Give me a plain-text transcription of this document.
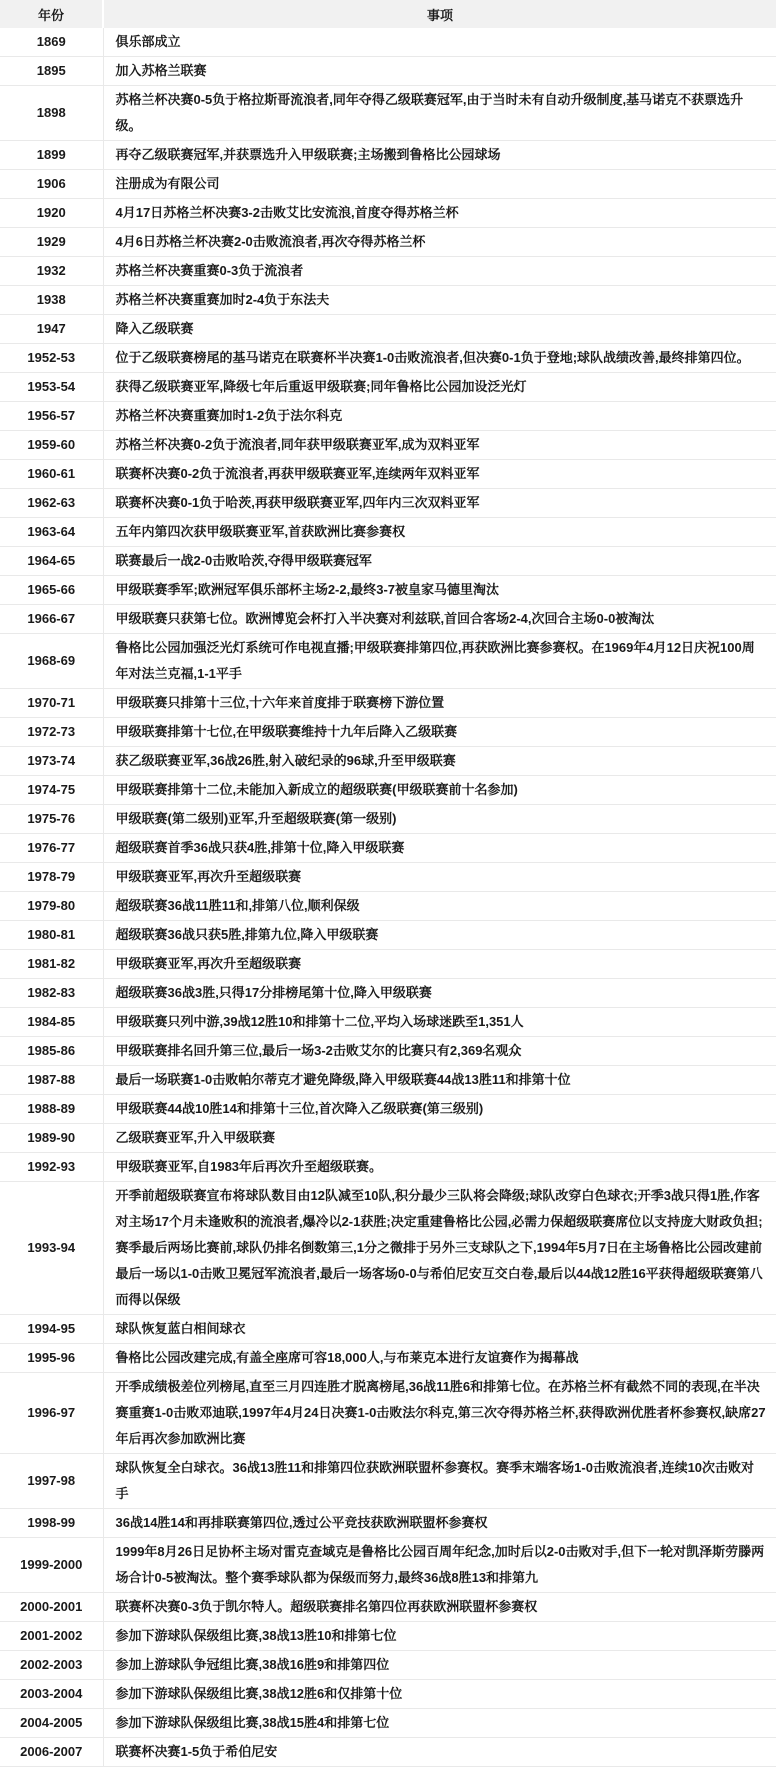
年份	事项
1869	俱乐部成立
1895	加入苏格兰联赛
1898	苏格兰杯决赛0-5负于格拉斯哥流浪者,同年夺得乙级联赛冠军,由于当时未有自动升级制度,基马诺克不获票选升级。
1899	再夺乙级联赛冠军,并获票选升入甲级联赛;主场搬到鲁格比公园球场
1906	注册成为有限公司
1920	4月17日苏格兰杯决赛3-2击败艾比安流浪,首度夺得苏格兰杯
1929	4月6日苏格兰杯决赛2-0击败流浪者,再次夺得苏格兰杯
1932	苏格兰杯决赛重赛0-3负于流浪者
1938	苏格兰杯决赛重赛加时2-4负于东法夫
1947	降入乙级联赛
1952-53	位于乙级联赛榜尾的基马诺克在联赛杯半决赛1-0击败流浪者,但决赛0-1负于登地;球队战绩改善,最终排第四位。
1953-54	获得乙级联赛亚军,降级七年后重返甲级联赛;同年鲁格比公园加设泛光灯
1956-57	苏格兰杯决赛重赛加时1-2负于法尔科克
1959-60	苏格兰杯决赛0-2负于流浪者,同年获甲级联赛亚军,成为双料亚军
1960-61	联赛杯决赛0-2负于流浪者,再获甲级联赛亚军,连续两年双料亚军
1962-63	联赛杯决赛0-1负于哈茨,再获甲级联赛亚军,四年内三次双料亚军
1963-64	五年内第四次获甲级联赛亚军,首获欧洲比赛参赛权
1964-65	联赛最后一战2-0击败哈茨,夺得甲级联赛冠军
1965-66	甲级联赛季军;欧洲冠军俱乐部杯主场2-2,最终3-7被皇家马德里淘汰
1966-67	甲级联赛只获第七位。欧洲博览会杯打入半决赛对利兹联,首回合客场2-4,次回合主场0-0被淘汰
1968-69	鲁格比公园加强泛光灯系统可作电视直播;甲级联赛排第四位,再获欧洲比赛参赛权。在1969年4月12日庆祝100周年对法兰克福,1-1平手
1970-71	甲级联赛只排第十三位,十六年来首度排于联赛榜下游位置
1972-73	甲级联赛排第十七位,在甲级联赛维持十九年后降入乙级联赛
1973-74	获乙级联赛亚军,36战26胜,射入破纪录的96球,升至甲级联赛
1974-75	甲级联赛排第十二位,未能加入新成立的超级联赛(甲级联赛前十名参加)
1975-76	甲级联赛(第二级别)亚军,升至超级联赛(第一级别)
1976-77	超级联赛首季36战只获4胜,排第十位,降入甲级联赛
1978-79	甲级联赛亚军,再次升至超级联赛
1979-80	超级联赛36战11胜11和,排第八位,顺利保级
1980-81	超级联赛36战只获5胜,排第九位,降入甲级联赛
1981-82	甲级联赛亚军,再次升至超级联赛
1982-83	超级联赛36战3胜,只得17分排榜尾第十位,降入甲级联赛
1984-85	甲级联赛只列中游,39战12胜10和排第十二位,平均入场球迷跌至1,351人
1985-86	甲级联赛排名回升第三位,最后一场3-2击败艾尔的比赛只有2,369名观众
1987-88	最后一场联赛1-0击败帕尔蒂克才避免降级,降入甲级联赛44战13胜11和排第十位
1988-89	甲级联赛44战10胜14和排第十三位,首次降入乙级联赛(第三级别)
1989-90	乙级联赛亚军,升入甲级联赛
1992-93	甲级联赛亚军,自1983年后再次升至超级联赛。
1993-94	开季前超级联赛宣布将球队数目由12队减至10队,积分最少三队将会降级;球队改穿白色球衣;开季3战只得1胜,作客对主场17个月未逢败积的流浪者,爆冷以2-1获胜;决定重建鲁格比公园,必需力保超级联赛席位以支持庞大财政负担;赛季最后两场比赛前,球队仍排名倒数第三,1分之微排于另外三支球队之下,1994年5月7日在主场鲁格比公园改建前最后一场以1-0击败卫冕冠军流浪者,最后一场客场0-0与希伯尼安互交白卷,最后以44战12胜16平获得超级联赛第八而得以保级
1994-95	球队恢复蓝白相间球衣
1995-96	鲁格比公园改建完成,有盖全座席可容18,000人,与布莱克本进行友谊赛作为揭幕战
1996-97	开季成绩极差位列榜尾,直至三月四连胜才脱离榜尾,36战11胜6和排第七位。在苏格兰杯有截然不同的表现,在半决赛重赛1-0击败邓迪联,1997年4月24日决赛1-0击败法尔科克,第三次夺得苏格兰杯,获得欧洲优胜者杯参赛权,缺席27年后再次参加欧洲比赛
1997-98	球队恢复全白球衣。36战13胜11和排第四位获欧洲联盟杯参赛权。赛季末端客场1-0击败流浪者,连续10次击败对手
1998-99	36战14胜14和再排联赛第四位,透过公平竞技获欧洲联盟杯参赛权
1999-2000	1999年8月26日足协杯主场对雷克查域克是鲁格比公园百周年纪念,加时后以2-0击败对手,但下一轮对凯泽斯劳滕两场合计0-5被淘汰。整个赛季球队都为保级而努力,最终36战8胜13和排第九
2000-2001	联赛杯决赛0-3负于凯尔特人。超级联赛排名第四位再获欧洲联盟杯参赛权
2001-2002	参加下游球队保级组比赛,38战13胜10和排第七位
2002-2003	参加上游球队争冠组比赛,38战16胜9和排第四位
2003-2004	参加下游球队保级组比赛,38战12胜6和仅排第十位
2004-2005	参加下游球队保级组比赛,38战15胜4和排第七位
2006-2007	联赛杯决赛1-5负于希伯尼安
